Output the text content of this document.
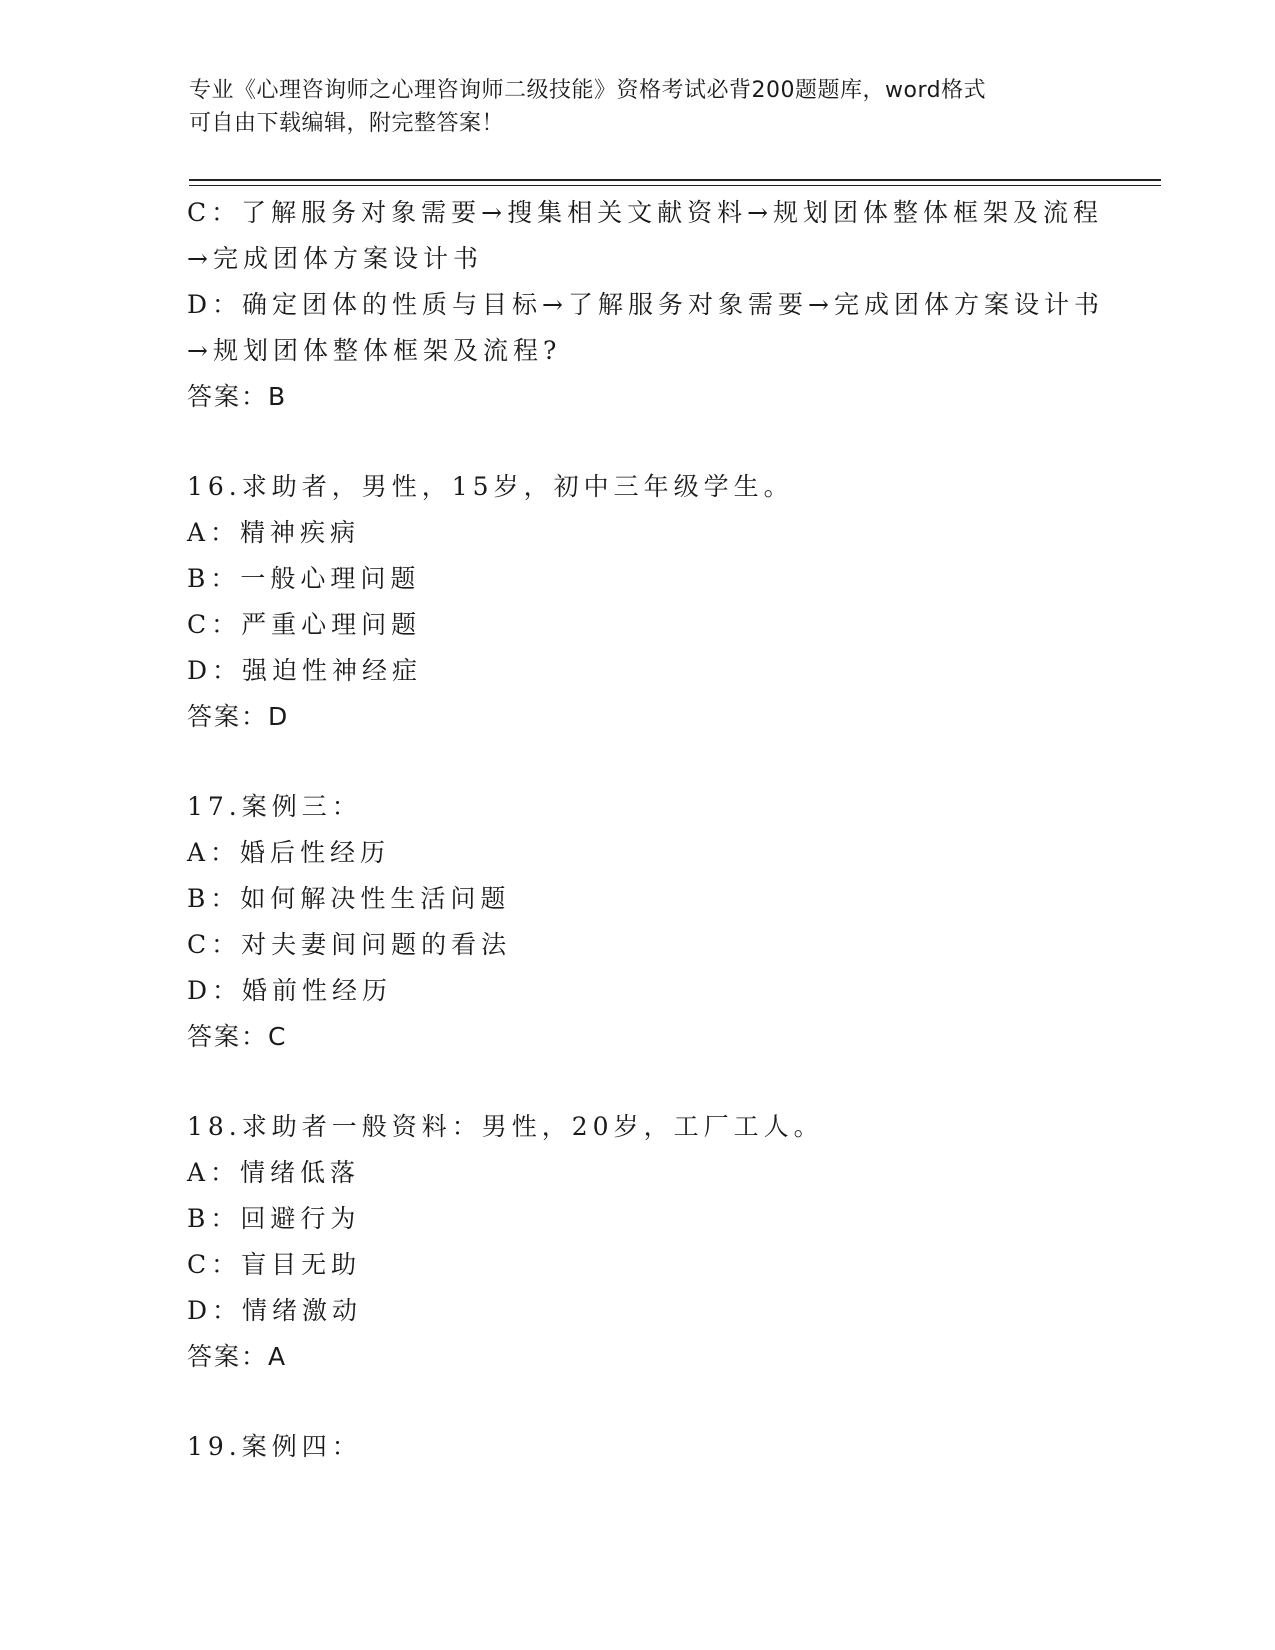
专业《心理咨询师之心理咨询师二级技能》资格考试必背200题题库，word格式
可自由下载编辑，附完整答案！
C：了解服务对象需要→搜集相关文献资料→规划团体整体框架及流程
→完成团体方案设计书
D：确定团体的性质与目标→了解服务对象需要→完成团体方案设计书
→规划团体整体框架及流程?
答案：B
16.求助者，男性，15岁，初中三年级学生。
A：精神疾病
B：一般心理问题
C：严重心理问题
D：强迫性神经症
答案：D
17.案例三：
A：婚后性经历
B：如何解决性生活问题
C：对夫妻间问题的看法
D：婚前性经历
答案：C
18.求助者一般资料：男性，20岁，工厂工人。
A：情绪低落
B：回避行为
C：盲目无助
D：情绪激动
答案：A
19.案例四：
